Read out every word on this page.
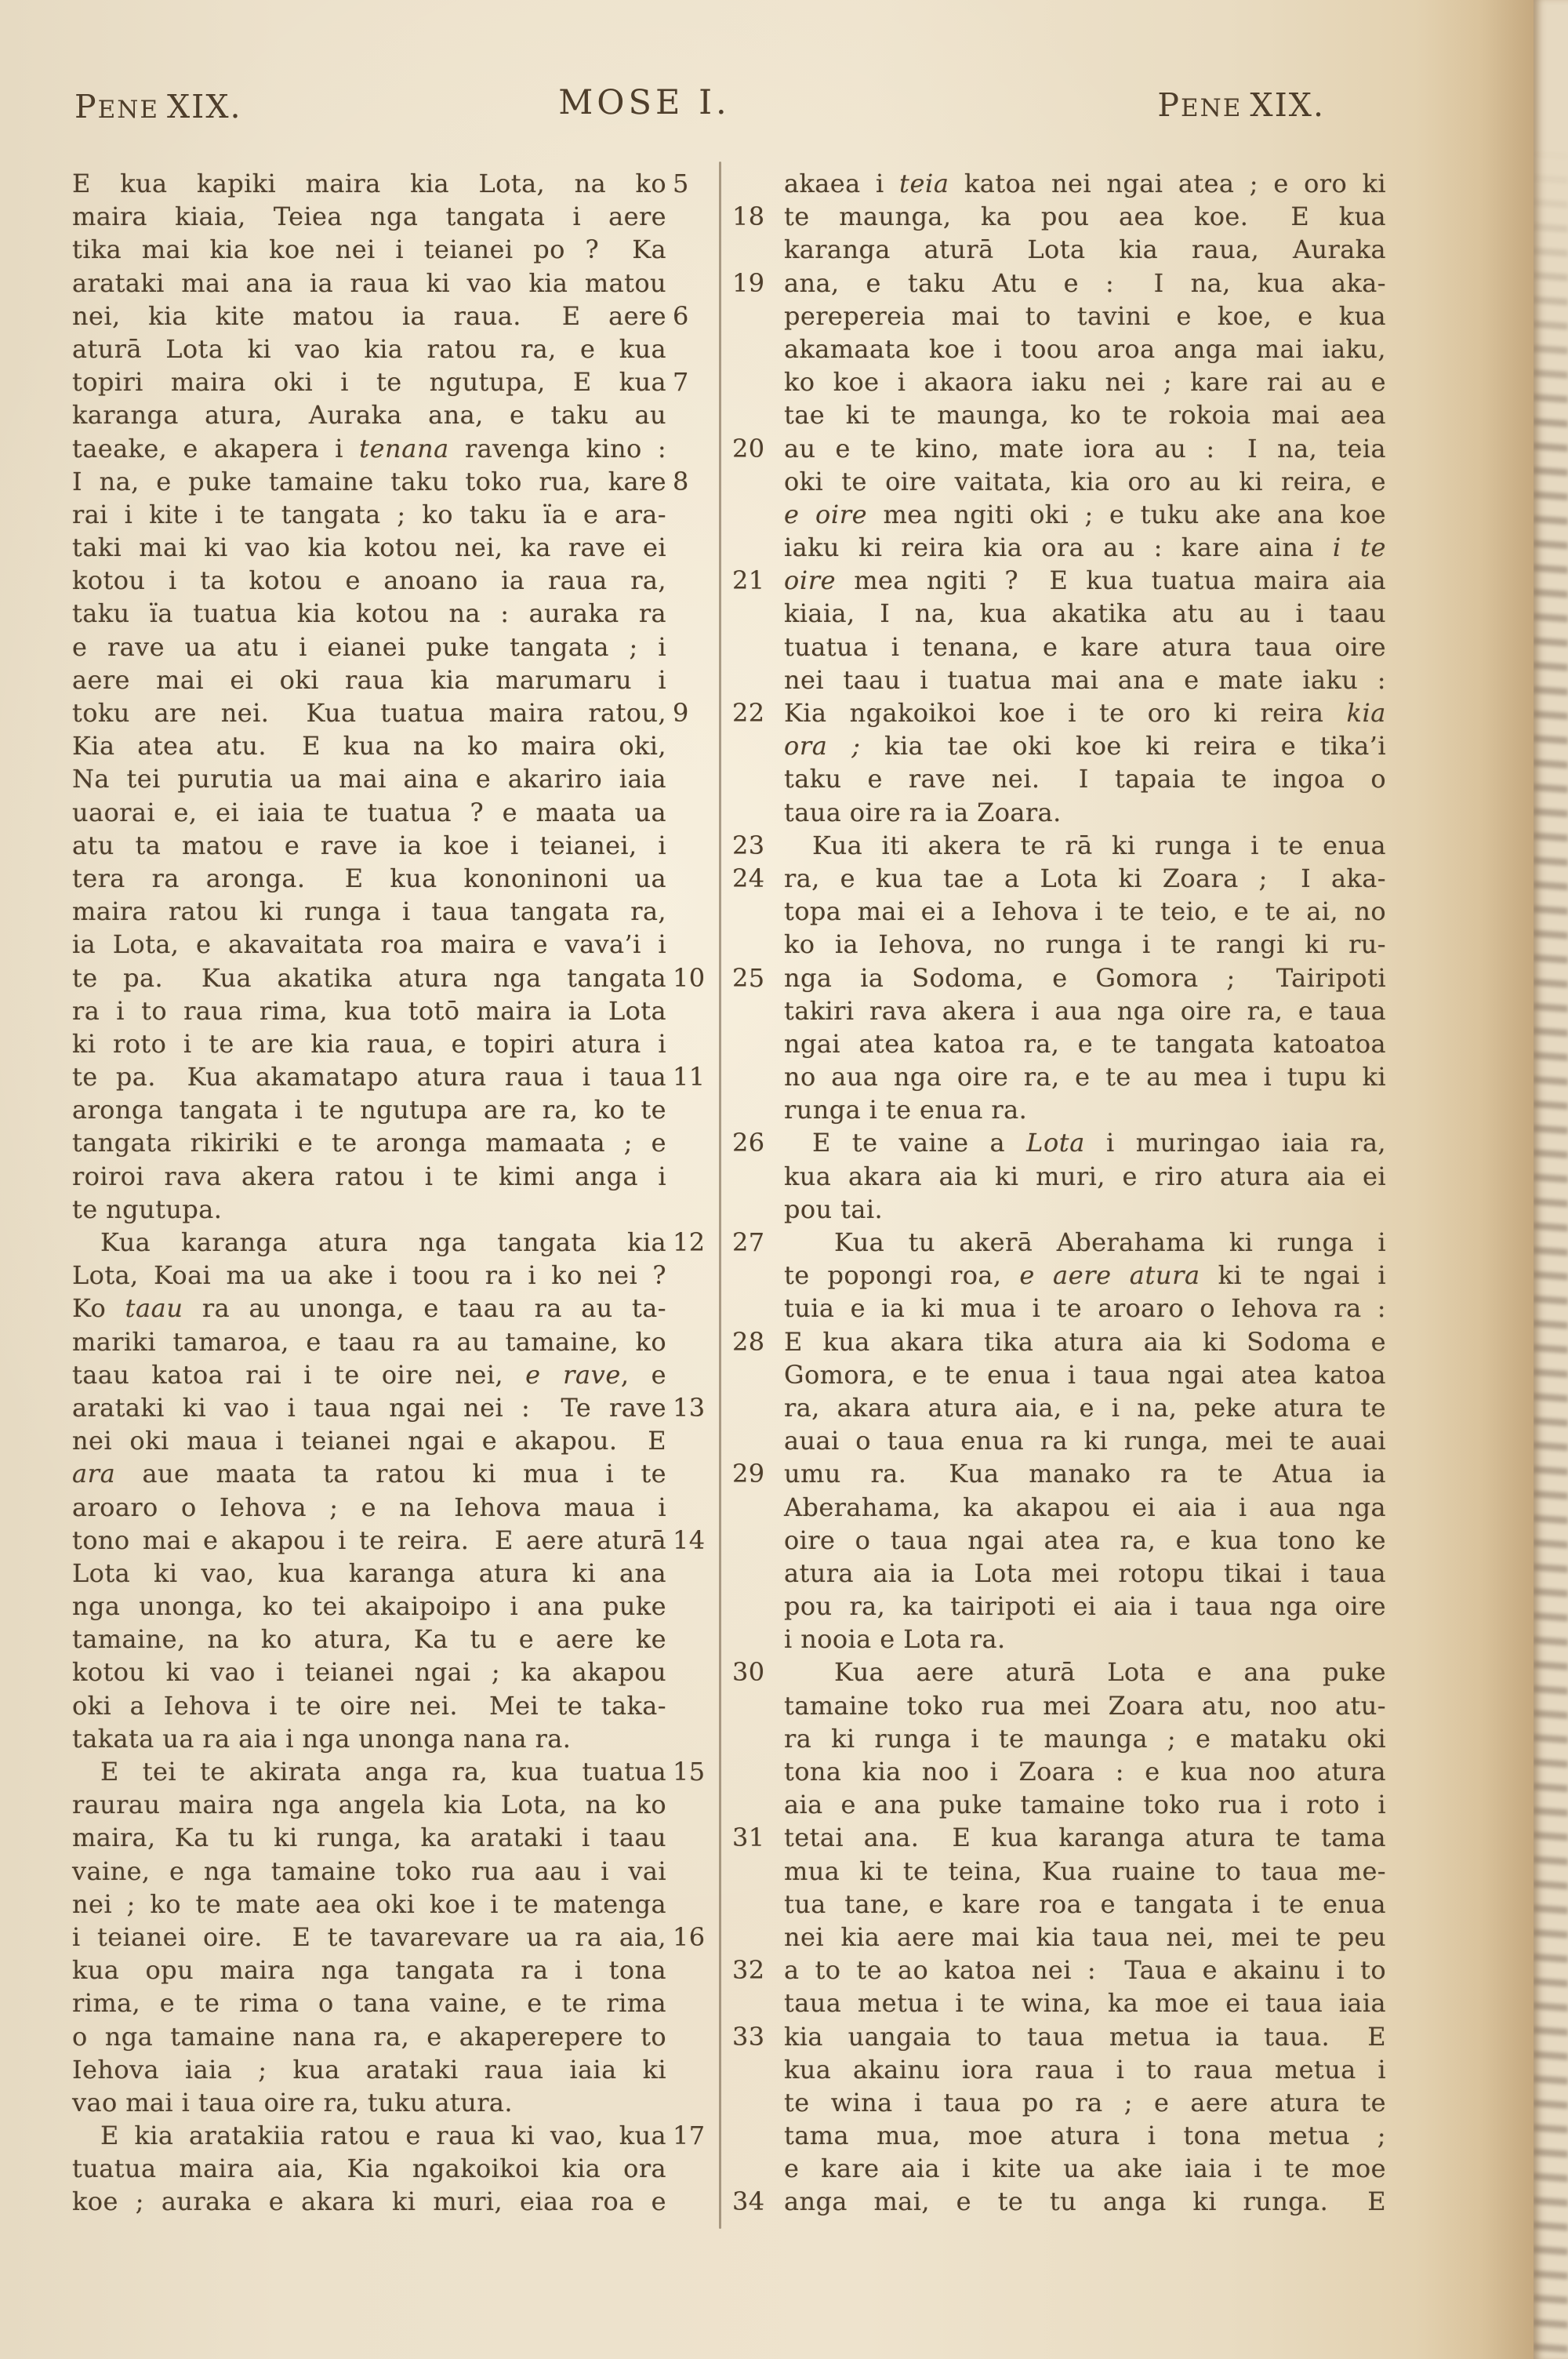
PENE XIX.	MOSE I.	PENE XIX.
5
E kua kapiki maira kia Lota, na ko
maira kiaia, Teiea nga tangata i aere
tika mai kia koe nei i teianei po ?  Ka
arataki mai ana ia raua ki vao kia matou
6
nei, kia kite matou ia raua.  E aere
aturā Lota ki vao kia ratou ra, e kua
7
topiri maira oki i te ngutupa, E kua
karanga atura, Auraka ana, e taku au
taeake, e akapera i tenana ravenga kino :
8
I na, e puke tamaine taku toko rua, kare
rai i kite i te tangata ; ko taku ïa e ara-
taki mai ki vao kia kotou nei, ka rave ei
kotou i ta kotou e anoano ia raua ra,
taku ïa tuatua kia kotou na : auraka ra
e rave ua atu i eianei puke tangata ; i
aere mai ei oki raua kia marumaru i
9
toku are nei.  Kua tuatua maira ratou,
Kia atea atu.  E kua na ko maira oki,
Na tei purutia ua mai aina e akariro iaia
uaorai e, ei iaia te tuatua ? e maata ua
atu ta matou e rave ia koe i teianei, i
tera ra aronga.  E kua kononinoni ua
maira ratou ki runga i taua tangata ra,
ia Lota, e akavaitata roa maira e vava’i i
10
te pa.  Kua akatika atura nga tangata
ra i to raua rima, kua totō maira ia Lota
ki roto i te are kia raua, e topiri atura i
11
te pa.  Kua akamatapo atura raua i taua
aronga tangata i te ngutupa are ra, ko te
tangata rikiriki e te aronga mamaata ; e
roiroi rava akera ratou i te kimi anga i
te ngutupa.
12
Kua karanga atura nga tangata kia
Lota, Koai ma ua ake i toou ra i ko nei ?
Ko taau ra au unonga, e taau ra au ta-
mariki tamaroa, e taau ra au tamaine, ko
taau katoa rai i te oire nei, e rave, e
13
arataki ki vao i taua ngai nei :  Te rave
nei oki maua i teianei ngai e akapou.  E
ara aue maata ta ratou ki mua i te
aroaro o Iehova ; e na Iehova maua i
14
tono mai e akapou i te reira.  E aere aturā
Lota ki vao, kua karanga atura ki ana
nga unonga, ko tei akaipoipo i ana puke
tamaine, na ko atura, Ka tu e aere ke
kotou ki vao i teianei ngai ; ka akapou
oki a Iehova i te oire nei.  Mei te taka-
takata ua ra aia i nga unonga nana ra.
15
E tei te akirata anga ra, kua tuatua
raurau maira nga angela kia Lota, na ko
maira, Ka tu ki runga, ka arataki i taau
vaine, e nga tamaine toko rua aau i vai
nei ; ko te mate aea oki koe i te matenga
16
i teianei oire.  E te tavarevare ua ra aia,
kua opu maira nga tangata ra i tona
rima, e te rima o tana vaine, e te rima
o nga tamaine nana ra, e akaperepere to
Iehova iaia ; kua arataki raua iaia ki
vao mai i taua oire ra, tuku atura.
17
E kia aratakiia ratou e raua ki vao, kua
tuatua maira aia, Kia ngakoikoi kia ora
koe ; auraka e akara ki muri, eiaa roa e
akaea i teia katoa nei ngai atea ; e oro ki
18 te maunga, ka pou aea koe.  E kua
karanga aturā Lota kia raua, Auraka
19 ana, e taku Atu e :  I na, kua aka-
perepereia mai to tavini e koe, e kua
akamaata koe i toou aroa anga mai iaku,
ko koe i akaora iaku nei ; kare rai au e
tae ki te maunga, ko te rokoia mai aea
20 au e te kino, mate iora au :  I na, teia
oki te oire vaitata, kia oro au ki reira, e
e oire mea ngiti oki ; e tuku ake ana koe
iaku ki reira kia ora au : kare aina i te
21 oire mea ngiti ?  E kua tuatua maira aia
kiaia, I na, kua akatika atu au i taau
tuatua i tenana, e kare atura taua oire
nei taau i tuatua mai ana e mate iaku :
22 Kia ngakoikoi koe i te oro ki reira kia
ora ; kia tae oki koe ki reira e tika’i
taku e rave nei.  I tapaia te ingoa o
taua oire ra ia Zoara.
23	Kua iti akera te rā ki runga i te enua
24 ra, e kua tae a Lota ki Zoara ;  I aka-
topa mai ei a Iehova i te teio, e te ai, no
ko ia Iehova, no runga i te rangi ki ru-
25 nga ia Sodoma, e Gomora ;  Tairipoti
takiri rava akera i aua nga oire ra, e taua
ngai atea katoa ra, e te tangata katoatoa
no aua nga oire ra, e te au mea i tupu ki
runga i te enua ra.
26	E te vaine a Lota i muringao iaia ra,
kua akara aia ki muri, e riro atura aia ei
pou tai.
27	Kua tu akerā Aberahama ki runga i
te popongi roa, e aere atura ki te ngai i
tuia e ia ki mua i te aroaro o Iehova ra :
28 E kua akara tika atura aia ki Sodoma e
Gomora, e te enua i taua ngai atea katoa
ra, akara atura aia, e i na, peke atura te
auai o taua enua ra ki runga, mei te auai
29 umu ra.  Kua manako ra te Atua ia
Aberahama, ka akapou ei aia i aua nga
oire o taua ngai atea ra, e kua tono ke
atura aia ia Lota mei rotopu tikai i taua
pou ra, ka tairipoti ei aia i taua nga oire
i nooia e Lota ra.
30	Kua aere aturā Lota e ana puke
tamaine toko rua mei Zoara atu, noo atu-
ra ki runga i te maunga ; e mataku oki
tona kia noo i Zoara : e kua noo atura
aia e ana puke tamaine toko rua i roto i
31 tetai ana.  E kua karanga atura te tama
mua ki te teina, Kua ruaine to taua me-
tua tane, e kare roa e tangata i te enua
nei kia aere mai kia taua nei, mei te peu
32 a to te ao katoa nei :  Taua e akainu i to
taua metua i te wina, ka moe ei taua iaia
33 kia uangaia to taua metua ia taua.  E
kua akainu iora raua i to raua metua i
te wina i taua po ra ; e aere atura te
tama mua, moe atura i tona metua ;
e kare aia i kite ua ake iaia i te moe
34 anga mai, e te tu anga ki runga.  E
